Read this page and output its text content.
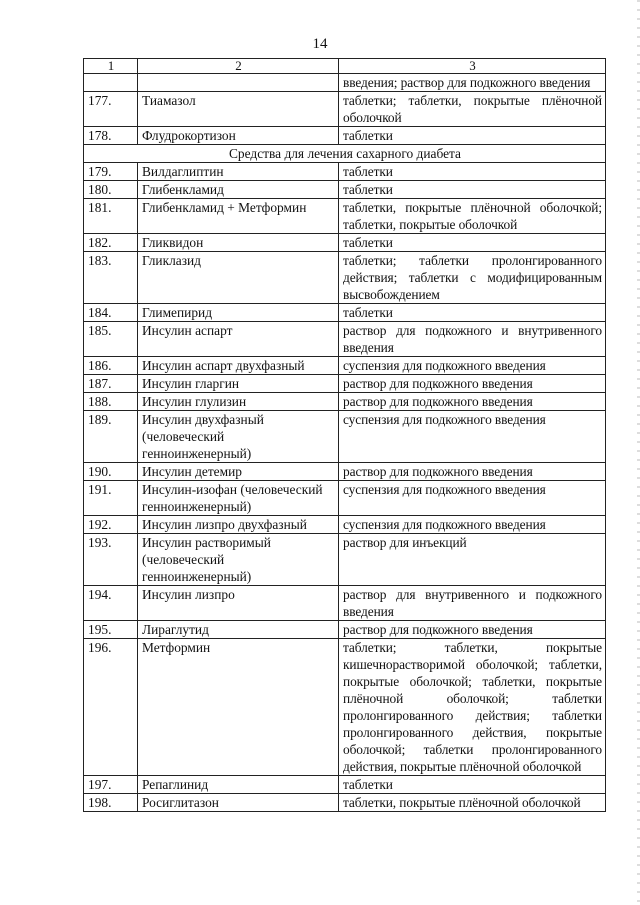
14
1	2	3
		введения; раствор для подкожного введения
177.	Тиамазол	таблетки; таблетки, покрытые плёночной оболочкой
178.	Флудрокортизон	таблетки
Средства для лечения сахарного диабета		
179.	Вилдаглиптин	таблетки
180.	Глибенкламид	таблетки
181.	Глибенкламид + Метформин	таблетки, покрытые плёночной оболочкой; таблетки, покрытые оболочкой
182.	Гликвидон	таблетки
183.	Гликлазид	таблетки; таблетки пролонгированного действия; таблетки с модифицированным высвобождением
184.	Глимепирид	таблетки
185.	Инсулин аспарт	раствор для подкожного и внутривенного введения
186.	Инсулин аспарт двухфазный	суспензия для подкожного введения
187.	Инсулин гларгин	раствор для подкожного введения
188.	Инсулин глулизин	раствор для подкожного введения
189.	Инсулин двухфазный (человеческий генноинженерный)	суспензия для подкожного введения
190.	Инсулин детемир	раствор для подкожного введения
191.	Инсулин-изофан (человеческий генноинженерный)	суспензия для подкожного введения
192.	Инсулин лизпро двухфазный	суспензия для подкожного введения
193.	Инсулин растворимый (человеческий генноинженерный)	раствор для инъекций
194.	Инсулин лизпро	раствор для внутривенного и подкожного введения
195.	Лираглутид	раствор для подкожного введения
196.	Метформин	таблетки; таблетки, покрытые кишечнорастворимой оболочкой; таблетки, покрытые оболочкой; таблетки, покрытые плёночной оболочкой; таблетки пролонгированного действия; таблетки пролонгированного действия, покрытые оболочкой; таблетки пролонгированного действия, покрытые плёночной оболочкой
197.	Репаглинид	таблетки
198.	Росиглитазон	таблетки, покрытые плёночной оболочкой
